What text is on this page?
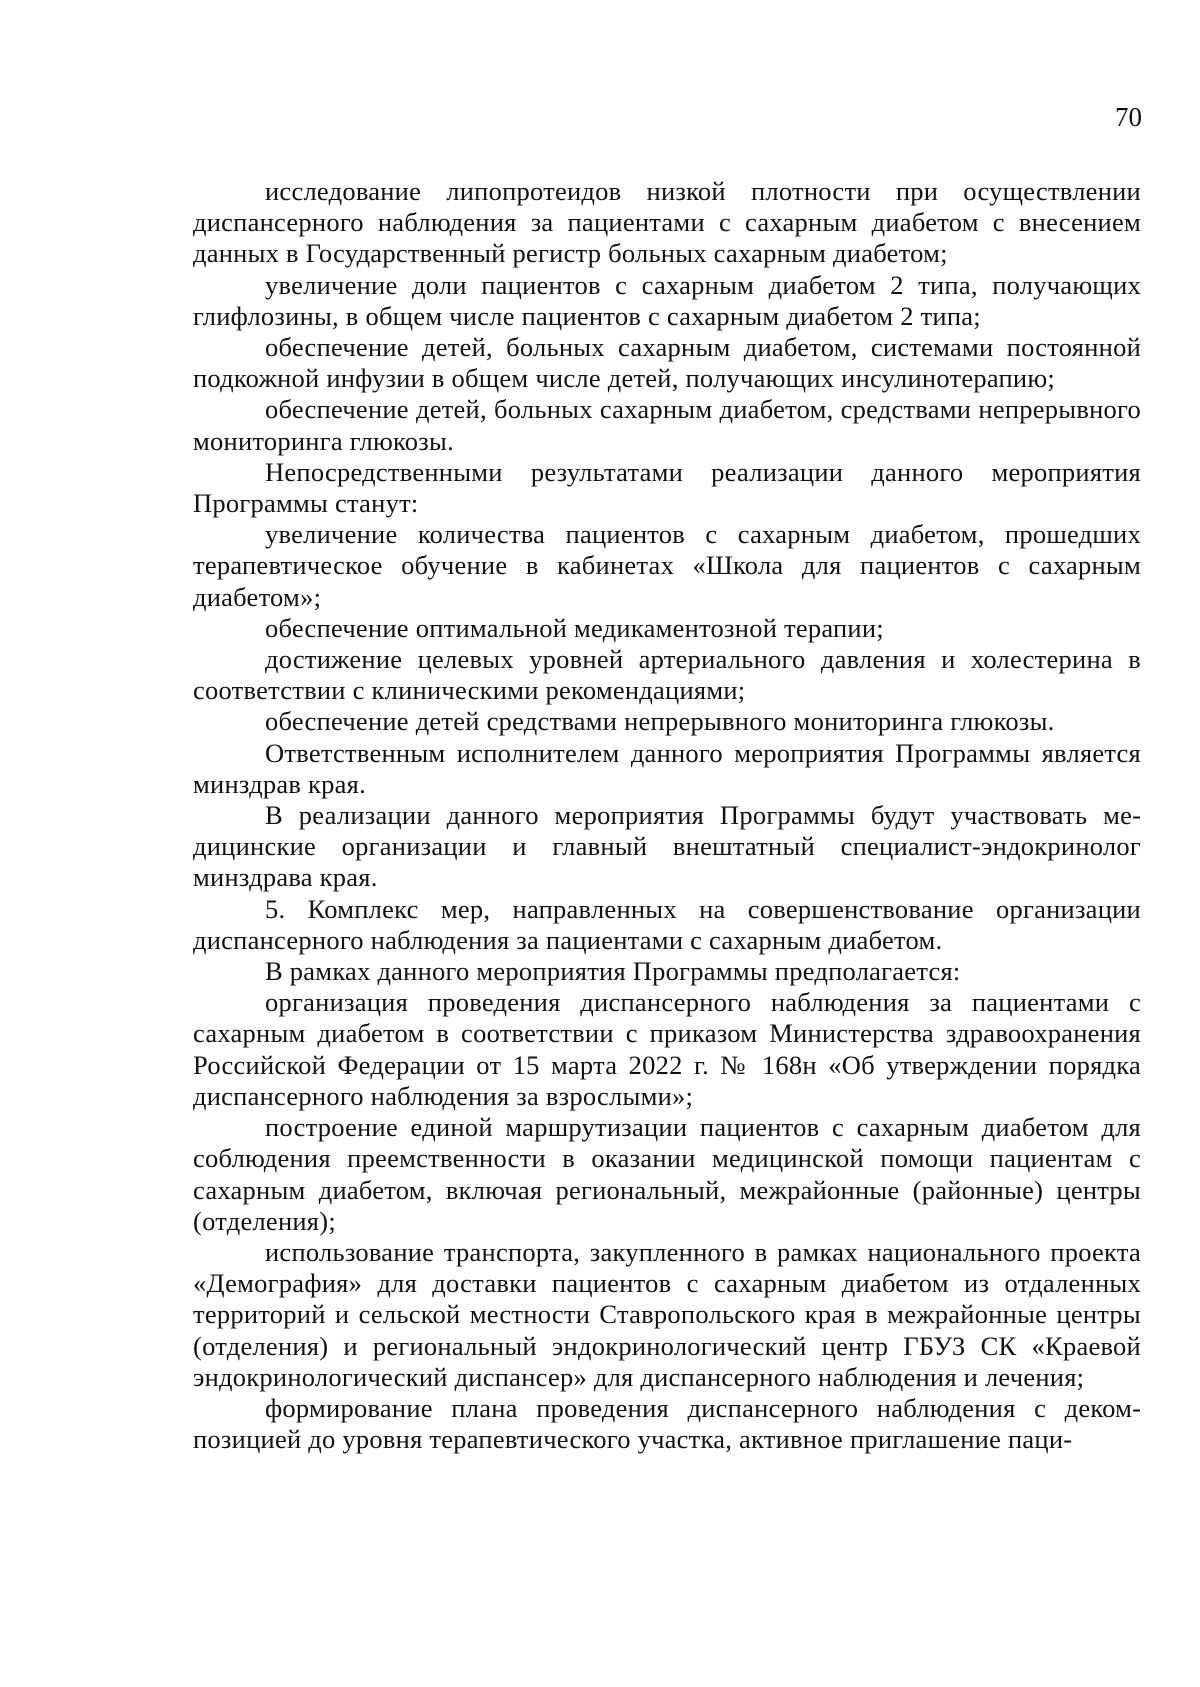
70

исследование липопротеидов низкой плотности при осуществлении диспансерного наблюдения за пациентами с сахарным диабетом с внесением данных в Государственный регистр больных сахарным диабетом;

увеличение доли пациентов с сахарным диабетом 2 типа, получающих глифлозины, в общем числе пациентов с сахарным диабетом 2 типа;

обеспечение детей, больных сахарным диабетом, системами постоянной подкожной инфузии в общем числе детей, получающих инсулинотерапию;

обеспечение детей, больных сахарным диабетом, средствами непрерывного мониторинга глюкозы.

Непосредственными результатами реализации данного мероприятия Программы станут:

увеличение количества пациентов с сахарным диабетом, прошедших терапевтическое обучение в кабинетах «Школа для пациентов с сахарным диабетом»;

обеспечение оптимальной медикаментозной терапии;

достижение целевых уровней артериального давления и холестерина в соответствии с клиническими рекомендациями;

обеспечение детей средствами непрерывного мониторинга глюкозы.

Ответственным исполнителем данного мероприятия Программы является минздрав края.

В реализации данного мероприятия Программы будут участвовать медицинские организации и главный внештатный специалист-эндокринолог минздрава края.

5. Комплекс мер, направленных на совершенствование организации диспансерного наблюдения за пациентами с сахарным диабетом.

В рамках данного мероприятия Программы предполагается:

организация проведения диспансерного наблюдения за пациентами с сахарным диабетом в соответствии с приказом Министерства здравоохранения Российской Федерации от 15 марта 2022 г. № 168н «Об утверждении порядка диспансерного наблюдения за взрослыми»;

построение единой маршрутизации пациентов с сахарным диабетом для соблюдения преемственности в оказании медицинской помощи пациентам с сахарным диабетом, включая региональный, межрайонные (районные) центры (отделения);

использование транспорта, закупленного в рамках национального проекта «Демография» для доставки пациентов с сахарным диабетом из отдаленных территорий и сельской местности Ставропольского края в межрайонные центры (отделения) и региональный эндокринологический центр ГБУЗ СК «Краевой эндокринологический диспансер» для диспансерного наблюдения и лечения;

формирование плана проведения диспансерного наблюдения с декомпозицией до уровня терапевтического участка, активное приглашение паци-
